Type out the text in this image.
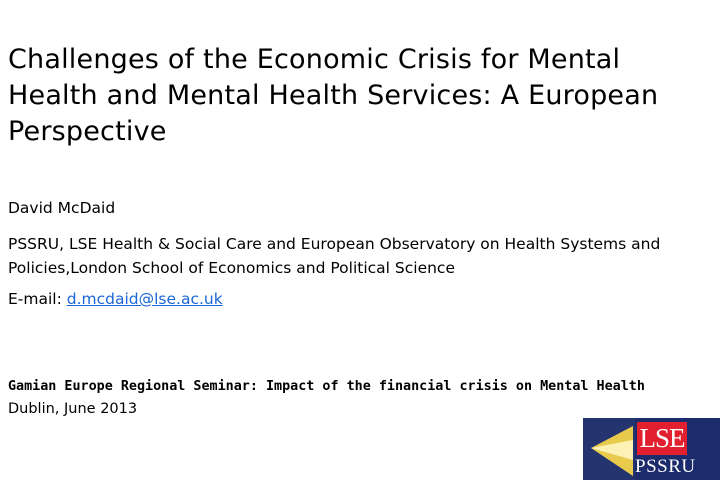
Challenges of the Economic Crisis for Mental Health and Mental Health Services: A European Perspective
David McDaid
PSSRU, LSE Health & Social Care and European Observatory on Health Systems and Policies,London School of Economics and Political Science
E-mail: d.mcdaid@lse.ac.uk
Gamian Europe Regional Seminar: Impact of the financial crisis on Mental Health
Dublin, June 2013
LSE
PSSRU
